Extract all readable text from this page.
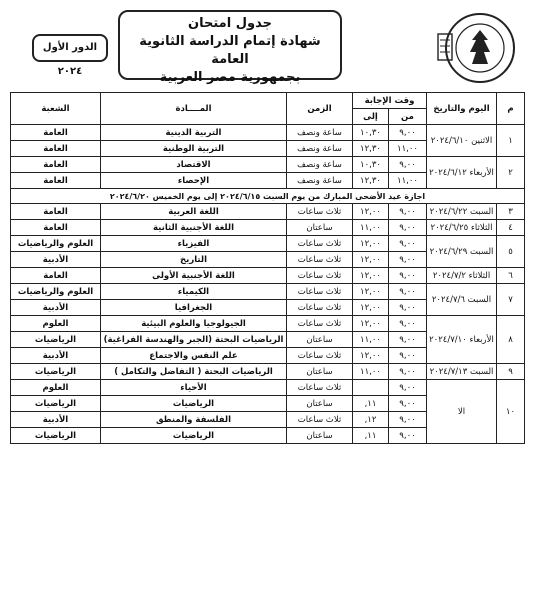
جدول امتحان
شهادة إتمام الدراسة الثانوية العامة
بجمهورية مصر العربية
الدور الأول ٢٠٢٤
م	اليوم والتاريخ	وقت الإجابة		الزمن	المــــادة	الشعبة
		من	إلى			
١	الاثنين ٢٠٢٤/٦/١٠	٩,٠٠	١٠,٣٠	ساعة ونصف	التربية الدينية	العامة
		١١,٠٠	١٢,٣٠	ساعة ونصف	التربية الوطنية	العامة
٢	الأربعاء ٢٠٢٤/٦/١٢	٩,٠٠	١٠,٣٠	ساعة ونصف	الاقتصاد	العامة
		١١,٠٠	١٢,٣٠	ساعة ونصف	الإحصاء	العامة
اجازة عيد الأضحى المبارك من يوم السبت ٢٠٢٤/٦/١٥ إلى يوم الخميس ٢٠٢٤/٦/٢٠						
٣	السبت ٢٠٢٤/٦/٢٢	٩,٠٠	١٢,٠٠	ثلاث ساعات	اللغة العربية	العامة
٤	الثلاثاء ٢٠٢٤/٦/٢٥	٩,٠٠	١١,٠٠	ساعتان	اللغة الأجنبية الثانية	العامة
٥	السبت ٢٠٢٤/٦/٢٩	٩,٠٠	١٢,٠٠	ثلاث ساعات	الفيزياء	العلوم والرياضيات
		٩,٠٠	١٢,٠٠	ثلاث ساعات	التاريخ	الأدبية
٦	الثلاثاء ٢٠٢٤/٧/٢	٩,٠٠	١٢,٠٠	ثلاث ساعات	اللغة الأجنبية الأولى	العامة
٧	السبت ٢٠٢٤/٧/٦	٩,٠٠	١٢,٠٠	ثلاث ساعات	الكيمياء	العلوم والرياضيات
		٩,٠٠	١٢,٠٠	ثلاث ساعات	الجغرافيا	الأدبية
٨	الأربعاء ٢٠٢٤/٧/١٠	٩,٠٠	١٢,٠٠	ثلاث ساعات	الجيولوجيا والعلوم البيئية	العلوم
		٩,٠٠	١١,٠٠	ساعتان	الرياضيات البحتة (الجبر والهندسة الفراغية)	الرياضيات
		٩,٠٠	١٢,٠٠	ثلاث ساعات	علم النفس والاجتماع	الأدبية
٩	السبت ٢٠٢٤/٧/١٣	٩,٠٠	١١,٠٠	ساعتان	الرياضيات البحتة ( التفاضل والتكامل )	الرياضيات
١٠	الا	٩,٠٠		ثلاث ساعات	الأحياء	العلوم
		٩,٠٠	١١,	ساعتان	الرياضيات	الرياضيات
		٩,٠٠	١٢,	ثلاث ساعات	الفلسفة والمنطق	الأدبية
		٩,٠٠	١١,	ساعتان	الرياضيات	الرياضيات
